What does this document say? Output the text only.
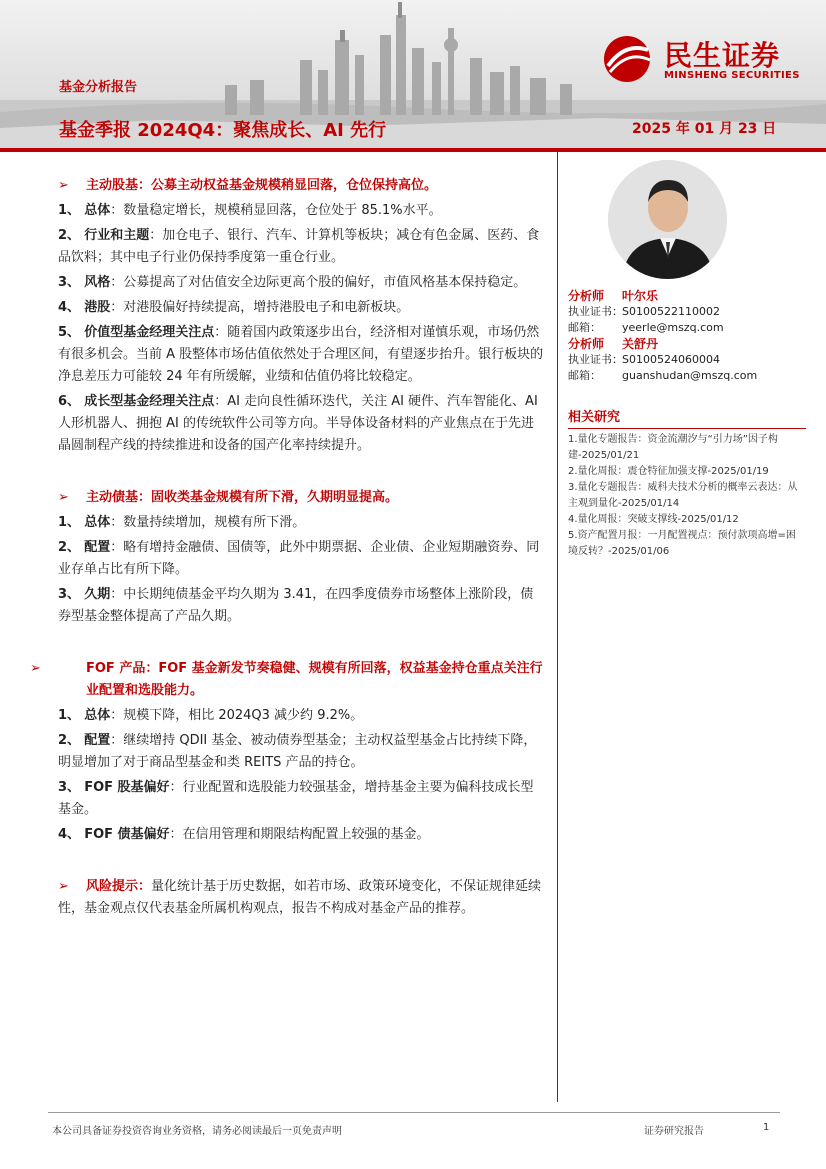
基金分析报告
基金季报 2024Q4：聚焦成长、AI 先行	2025 年 01 月 23 日
民生证券
MINSHENG SECURITIES
➢ 主动股基：公募主动权益基金规模稍显回落，仓位保持高位。
1、 总体：数量稳定增长，规模稍显回落，仓位处于 85.1%水平。
2、 行业和主题：加仓电子、银行、汽车、计算机等板块；减仓有色金属、医药、食品饮料；其中电子行业仍保持季度第一重仓行业。
3、 风格：公募提高了对估值安全边际更高个股的偏好，市值风格基本保持稳定。
4、 港股：对港股偏好持续提高，增持港股电子和电新板块。
5、 价值型基金经理关注点：随着国内政策逐步出台，经济相对谨慎乐观，市场仍然有很多机会。当前 A 股整体市场估值依然处于合理区间，有望逐步抬升。银行板块的净息差压力可能较 24 年有所缓解，业绩和估值仍将比较稳定。
6、 成长型基金经理关注点：AI 走向良性循环迭代，关注 AI 硬件、汽车智能化、AI 人形机器人、拥抱 AI 的传统软件公司等方向。半导体设备材料的产业焦点在于先进晶圆制程产线的持续推进和设备的国产化率持续提升。
➢ 主动债基：固收类基金规模有所下滑，久期明显提高。
1、 总体：数量持续增加，规模有所下滑。
2、 配置：略有增持金融债、国债等，此外中期票据、企业债、企业短期融资券、同业存单占比有所下降。
3、 久期：中长期纯债基金平均久期为 3.41，在四季度债券市场整体上涨阶段，债券型基金整体提高了产品久期。
➢	FOF 产品：FOF 基金新发节奏稳健、规模有所回落，权益基金持仓重点关注行业配置和选股能力。
1、 总体：规模下降，相比 2024Q3 减少约 9.2%。
2、 配置：继续增持 QDII 基金、被动债券型基金；主动权益型基金占比持续下降，明显增加了对于商品型基金和类 REITS 产品的持仓。
3、 FOF 股基偏好：行业配置和选股能力较强基金，增持基金主要为偏科技成长型基金。
4、 FOF 债基偏好：在信用管理和期限结构配置上较强的基金。
➢ 风险提示：量化统计基于历史数据，如若市场、政策环境变化，不保证规律延续性，基金观点仅代表基金所属机构观点，报告不构成对基金产品的推荐。
分析师 叶尔乐
执业证书：S0100522110002
邮箱： yeerle@mszq.com
分析师 关舒丹
执业证书：S0100524060004
邮箱： guanshudan@mszq.com
相关研究
1.量化专题报告：资金流潮汐与“引力场”因子构建-2025/01/21
2.量化周报：震仓特征加强支撑-2025/01/19
3.量化专题报告：威科夫技术分析的概率云表达：从主观到量化-2025/01/14
4.量化周报：突破支撑线-2025/01/12
5.资产配置月报：一月配置视点：预付款项高增=困境反转？-2025/01/06
本公司具备证券投资咨询业务资格，请务必阅读最后一页免责声明	证券研究报告	1
